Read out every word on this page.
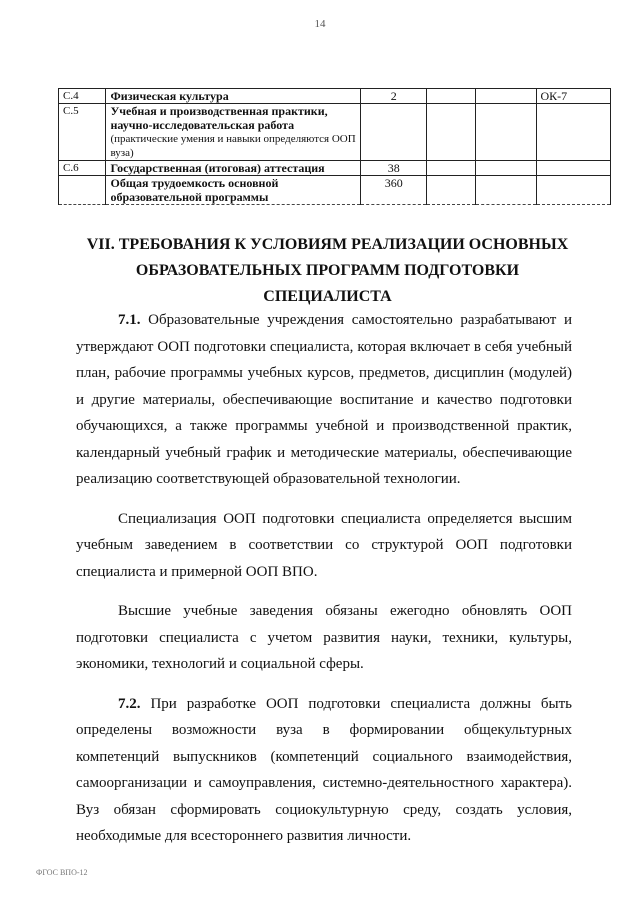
14
С.4	Физическая культура	2			ОК-7
С.5	Учебная и производственная практики,
научно-исследовательская работа
(практические умения и навыки определяются ООП вуза)				

С.6	Государственная (итоговая) аттестация	38			

	Общая трудоемкость основной
образовательной программы	360			
VII. ТРЕБОВАНИЯ К УСЛОВИЯМ РЕАЛИЗАЦИИ ОСНОВНЫХ
ОБРАЗОВАТЕЛЬНЫХ ПРОГРАММ ПОДГОТОВКИ
СПЕЦИАЛИСТА

7.1. Образовательные учреждения самостоятельно разрабатывают и утверждают ООП подготовки специалиста, которая включает в себя учебный план, рабочие программы учебных курсов, предметов, дисциплин (модулей) и другие материалы, обеспечивающие воспитание и качество подготовки обучающихся, а также программы учебной и производственной практик, календарный учебный график и методические материалы, обеспечивающие реализацию соответствующей образовательной технологии.

Специализация ООП подготовки специалиста определяется высшим учебным заведением в соответствии со структурой ООП подготовки специалиста и примерной ООП ВПО.

Высшие учебные заведения обязаны ежегодно обновлять ООП подготовки специалиста с учетом развития науки, техники, культуры, экономики, технологий и социальной сферы.

7.2. При разработке ООП подготовки специалиста должны быть определены возможности вуза в формировании общекультурных компетенций выпускников (компетенций социального взаимодействия, самоорганизации и самоуправления, системно-деятельностного характера). Вуз обязан сформировать социокультурную среду, создать условия, необходимые для всестороннего развития личности.

ФГОС ВПО-12
